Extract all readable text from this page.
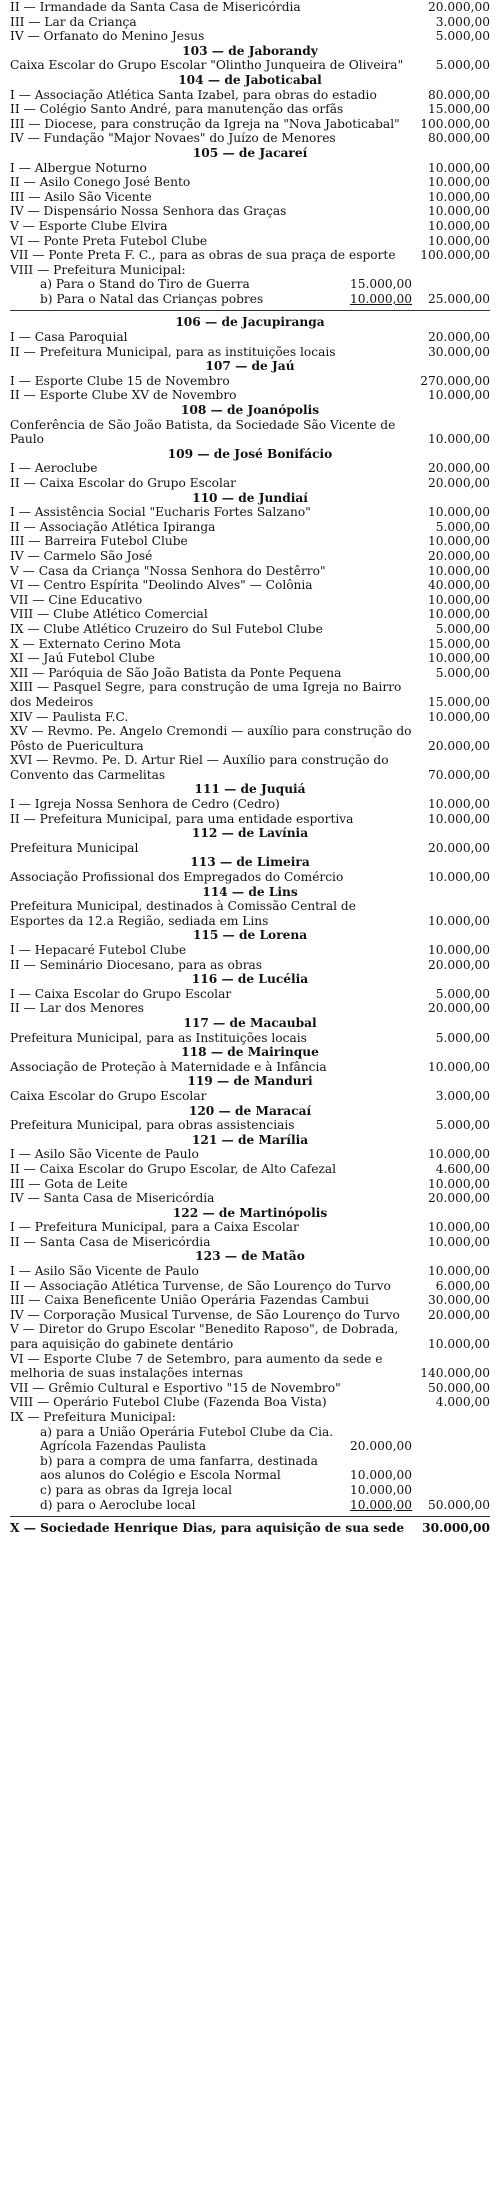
II — Irmandade da Santa Casa de Misericórdia	20.000,00
III — Lar da Criança	3.000,00
IV — Orfanato do Menino Jesus	5.000,00
103 — de Jaborandy
Caixa Escolar do Grupo Escolar "Olintho Junqueira de Oliveira"	5.000,00
104 — de Jaboticabal
I — Associação Atlética Santa Izabel, para obras do estadio	80.000,00
II — Colégio Santo André, para manutenção das orfãs	15.000,00
III — Diocese, para construção da Igreja na "Nova Jaboticabal"	100.000,00
IV — Fundação "Major Novaes" do Juízo de Menores	80.000,00
105 — de Jacareí
I — Albergue Noturno	10.000,00
II — Asilo Conego José Bento	10.000,00
III — Asilo São Vicente	10.000,00
IV — Dispensário Nossa Senhora das Graças	10.000,00
V — Esporte Clube Elvira	10.000,00
VI — Ponte Preta Futebol Clube	10.000,00
VII — Ponte Preta F. C., para as obras de sua praça de esporte	100.000,00
VIII — Prefeitura Municipal:
a) Para o Stand do Tiro de Guerra	15.000,00
b) Para o Natal das Crianças pobres	10.000,00	25.000,00
106 — de Jacupiranga
I — Casa Paroquial	20.000,00
II — Prefeitura Municipal, para as instituições locais	30.000,00
107 — de Jaú
I — Esporte Clube 15 de Novembro	270.000,00
II — Esporte Clube XV de Novembro	10.000,00
108 — de Joanópolis
Conferência de São João Batista, da Sociedade São Vicente de Paulo	10.000,00
109 — de José Bonifácio
I — Aeroclube	20.000,00
II — Caixa Escolar do Grupo Escolar	20.000,00
110 — de Jundiaí
I — Assistência Social "Eucharis Fortes Salzano"	10.000,00
II — Associação Atlética Ipiranga	5.000,00
III — Barreira Futebol Clube	10.000,00
IV — Carmelo São José	20.000,00
V — Casa da Criança "Nossa Senhora do Destêrro"	10.000,00
VI — Centro Espírita "Deolindo Alves" — Colônia	40.000,00
VII — Cine Educativo	10.000,00
VIII — Clube Atlético Comercial	10.000,00
IX — Clube Atlético Cruzeiro do Sul Futebol Clube	5.000,00
X — Externato Cerino Mota	15.000,00
XI — Jaú Futebol Clube	10.000,00
XII — Paróquia de São João Batista da Ponte Pequena	5.000,00
XIII — Pasquel Segre, para construção de uma Igreja no Bairro dos Medeiros	15.000,00
XIV — Paulista F.C.	10.000,00
XV — Revmo. Pe. Angelo Cremondi — auxílio para construção do Pôsto de Puericultura	20.000,00
XVI — Revmo. Pe. D. Artur Riel — Auxílio para construção do Convento das Carmelitas	70.000,00
111 — de Juquiá
I — Igreja Nossa Senhora de Cedro (Cedro)	10.000,00
II — Prefeitura Municipal, para uma entidade esportiva	10.000,00
112 — de Lavínia
Prefeitura Municipal	20.000,00
113 — de Limeira
Associação Profissional dos Empregados do Comércio	10.000,00
114 — de Lins
Prefeitura Municipal, destinados à Comissão Central de Esportes da 12.a Região, sediada em Lins	10.000,00
115 — de Lorena
I — Hepacaré Futebol Clube	10.000,00
II — Seminário Diocesano, para as obras	20.000,00
116 — de Lucélia
I — Caixa Escolar do Grupo Escolar	5.000,00
II — Lar dos Menores	20.000,00
117 — de Macaubal
Prefeitura Municipal, para as Instituições locais	5.000,00
118 — de Mairinque
Associação de Proteção à Maternidade e à Infância	10.000,00
119 — de Manduri
Caixa Escolar do Grupo Escolar	3.000,00
120 — de Maracaí
Prefeitura Municipal, para obras assistenciais	5.000,00
121 — de Marília
I — Asilo São Vicente de Paulo	10.000,00
II — Caixa Escolar do Grupo Escolar, de Alto Cafezal	4.600,00
III — Gota de Leite	10.000,00
IV — Santa Casa de Misericórdia	20.000,00
122 — de Martinópolis
I — Prefeitura Municipal, para a Caixa Escolar	10.000,00
II — Santa Casa de Misericórdia	10.000,00
123 — de Matão
I — Asilo São Vicente de Paulo	10.000,00
II — Associação Atlética Turvense, de São Lourenço do Turvo	6.000,00
III — Caixa Beneficente União Operária Fazendas Cambui	30.000,00
IV — Corporação Musical Turvense, de São Lourenço do Turvo	20.000,00
V — Diretor do Grupo Escolar "Benedito Raposo", de Dobrada, para aquisição do gabinete dentário	10.000,00
VI — Esporte Clube 7 de Setembro, para aumento da sede e melhoria de suas instalações internas	140.000,00
VII — Grêmio Cultural e Esportivo "15 de Novembro"	50.000,00
VIII — Operário Futebol Clube (Fazenda Boa Vista)	4.000,00
IX — Prefeitura Municipal:
a) para a União Operária Futebol Clube da Cia. Agrícola Fazendas Paulista	20.000,00
b) para a compra de uma fanfarra, destinada aos alunos do Colégio e Escola Normal	10.000,00
c) para as obras da Igreja local	10.000,00
d) para o Aeroclube local	10.000,00	50.000,00
X — Sociedade Henrique Dias, para aquisição de sua sede	30.000,00
